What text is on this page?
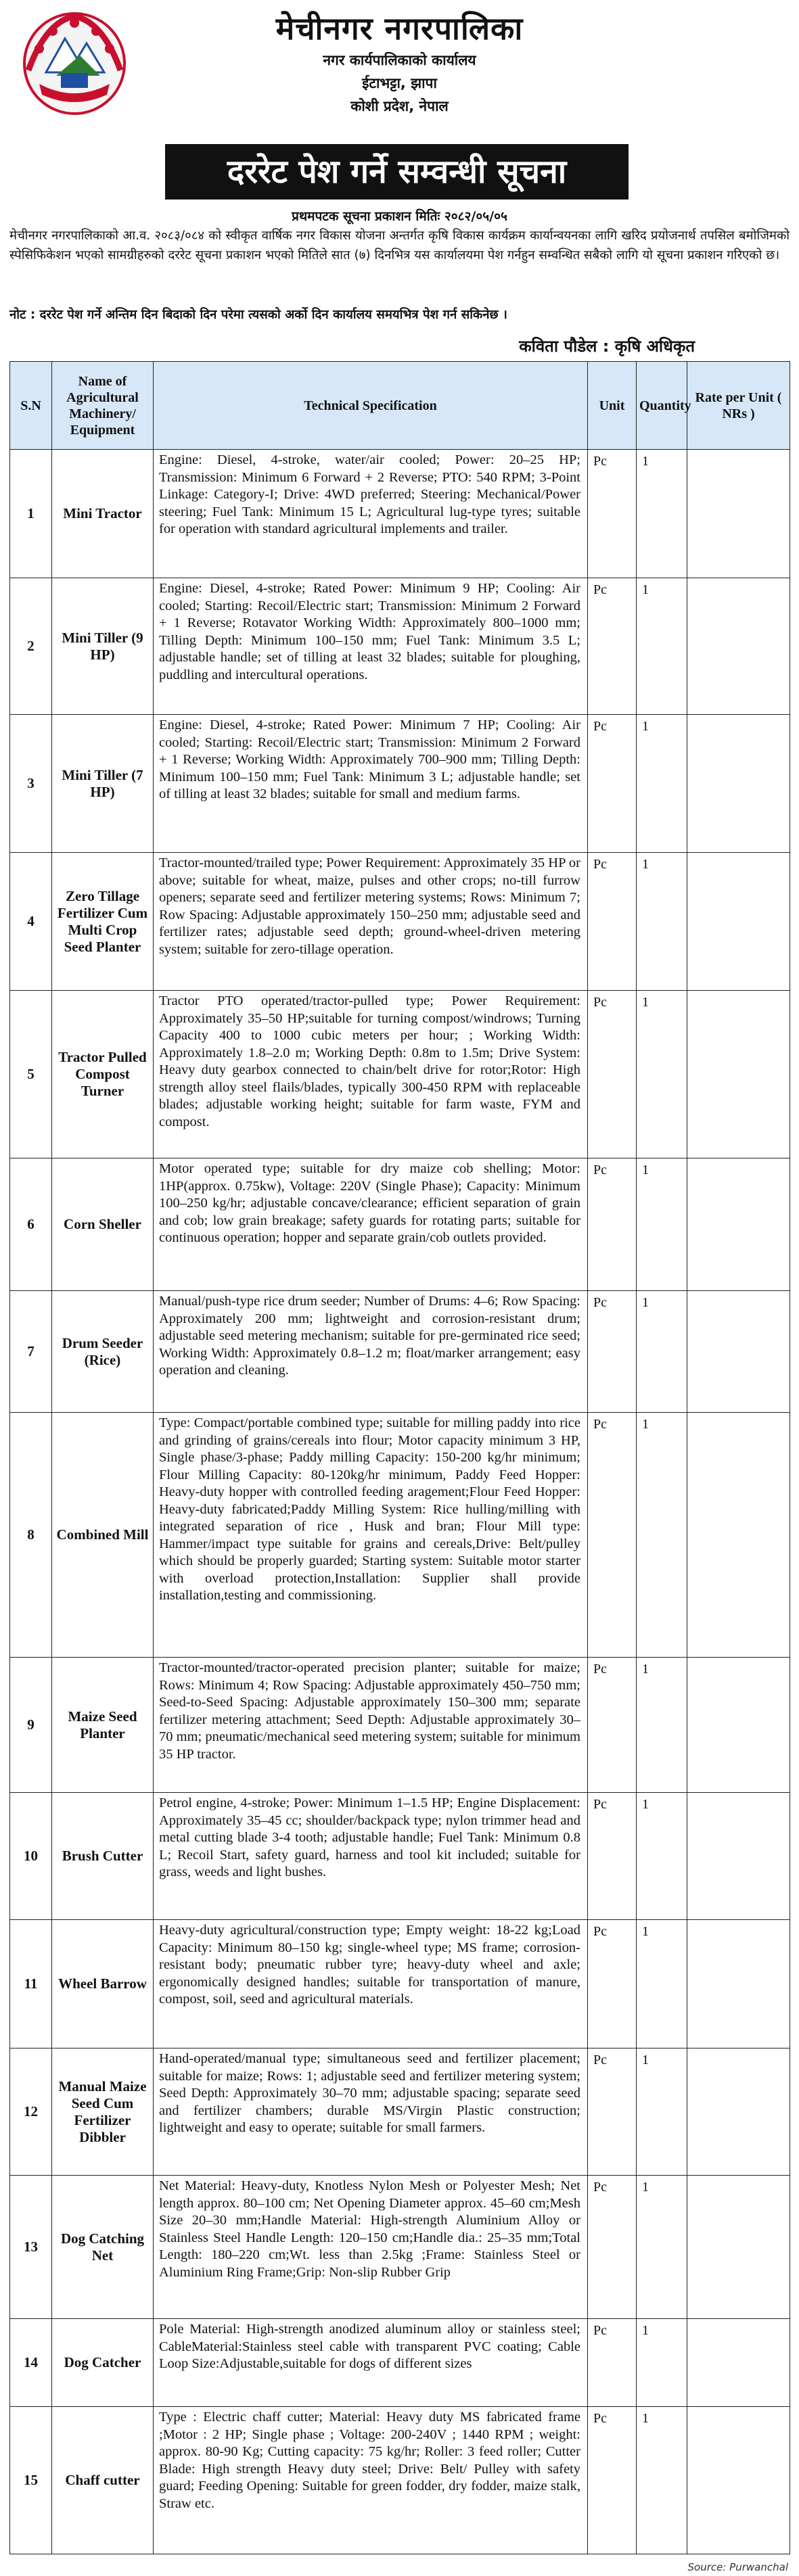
मेचीनगर नगरपालिका
नगर कार्यपालिकाको कार्यालय
ईटाभट्टा, झापा
कोशी प्रदेश, नेपाल
दररेट पेश गर्ने सम्वन्धी सूचना
प्रथमपटक सूचना प्रकाशन मितिः २०८२/०५/०५
मेचीनगर नगरपालिकाको आ.व. २०८३/०८४ को स्वीकृत वार्षिक नगर विकास योजना अन्तर्गत कृषि विकास कार्यक्रम कार्यान्वयनका लागि खरिद प्रयोजनार्थ तपसिल बमोजिमको स्पेसिफिकेशन भएको सामग्रीहरुको दररेट सूचना प्रकाशन भएको मितिले सात (७) दिनभित्र यस कार्यालयमा पेश गर्नहुन सम्वन्धित सबैको लागि यो सूचना प्रकाशन गरिएको छ।
नोट : दररेट पेश गर्ने अन्तिम दिन बिदाको दिन परेमा त्यसको अर्को दिन कार्यालय समयभित्र पेश गर्न सकिनेछ ।
कविता पौडेल : कृषि अधिकृत
S.N	Name of Agricultural Machinery/ Equipment	Technical Specification	Unit	Quantity	Rate per Unit ( NRs )
1	Mini Tractor	Engine: Diesel, 4-stroke, water/air cooled; Power: 20–25 HP; Transmission: Minimum 6 Forward + 2 Reverse; PTO: 540 RPM; 3-Point Linkage: Category-I; Drive: 4WD preferred; Steering: Mechanical/Power steering; Fuel Tank: Minimum 15 L; Agricultural lug-type tyres; suitable for operation with standard agricultural implements and trailer.	Pc	1	
2	Mini Tiller (9 HP)	Engine: Diesel, 4-stroke; Rated Power: Minimum 9 HP; Cooling: Air cooled; Starting: Recoil/Electric start; Transmission: Minimum 2 Forward + 1 Reverse; Rotavator Working Width: Approximately 800–1000 mm; Tilling Depth: Minimum 100–150 mm; Fuel Tank: Minimum 3.5 L; adjustable handle; set of tilling at least 32 blades; suitable for ploughing, puddling and intercultural operations.	Pc	1	
3	Mini Tiller (7 HP)	Engine: Diesel, 4-stroke; Rated Power: Minimum 7 HP; Cooling: Air cooled; Starting: Recoil/Electric start; Transmission: Minimum 2 Forward + 1 Reverse; Working Width: Approximately 700–900 mm; Tilling Depth: Minimum 100–150 mm; Fuel Tank: Minimum 3 L; adjustable handle; set of tilling at least 32 blades; suitable for small and medium farms.	Pc	1	
4	Zero Tillage Fertilizer Cum Multi Crop Seed Planter	Tractor-mounted/trailed type; Power Requirement: Approximately 35 HP or above; suitable for wheat, maize, pulses and other crops; no-till furrow openers; separate seed and fertilizer metering systems; Rows: Minimum 7; Row Spacing: Adjustable approximately 150–250 mm; adjustable seed and fertilizer rates; adjustable seed depth; ground-wheel-driven metering system; suitable for zero-tillage operation.	Pc	1	
5	Tractor Pulled Compost Turner	Tractor PTO operated/tractor-pulled type; Power Requirement: Approximately 35–50 HP;suitable for turning compost/windrows; Turning Capacity 400 to 1000 cubic meters per hour; ; Working Width: Approximately 1.8–2.0 m; Working Depth: 0.8m to 1.5m; Drive System: Heavy duty gearbox connected to chain/belt drive for rotor;Rotor: High strength alloy steel flails/blades, typically 300-450 RPM with replaceable blades; adjustable working height; suitable for farm waste, FYM and compost.	Pc	1	
6	Corn Sheller	Motor operated type; suitable for dry maize cob shelling; Motor: 1HP(approx. 0.75kw), Voltage: 220V (Single Phase); Capacity: Minimum 100–250 kg/hr; adjustable concave/clearance; efficient separation of grain and cob; low grain breakage; safety guards for rotating parts; suitable for continuous operation; hopper and separate grain/cob outlets provided.	Pc	1	
7	Drum Seeder (Rice)	Manual/push-type rice drum seeder; Number of Drums: 4–6; Row Spacing: Approximately 200 mm; lightweight and corrosion-resistant drum; adjustable seed metering mechanism; suitable for pre-germinated rice seed; Working Width: Approximately 0.8–1.2 m; float/marker arrangement; easy operation and cleaning.	Pc	1	
8	Combined Mill	Type: Compact/portable combined type; suitable for milling paddy into rice and grinding of grains/cereals into flour; Motor capacity minimum 3 HP, Single phase/3-phase; Paddy milling Capacity: 150-200 kg/hr minimum; Flour Milling Capacity: 80-120kg/hr minimum, Paddy Feed Hopper: Heavy-duty hopper with controlled feeding aragement;Flour Feed Hopper: Heavy-duty fabricated;Paddy Milling System: Rice hulling/milling with integrated separation of rice , Husk and bran; Flour Mill type: Hammer/impact type suitable for grains and cereals,Drive: Belt/pulley which should be properly guarded; Starting system: Suitable motor starter with overload protection,Installation: Supplier shall provide installation,testing and commissioning.	Pc	1	
9	Maize Seed Planter	Tractor-mounted/tractor-operated precision planter; suitable for maize; Rows: Minimum 4; Row Spacing: Adjustable approximately 450–750 mm; Seed-to-Seed Spacing: Adjustable approximately 150–300 mm; separate fertilizer metering attachment; Seed Depth: Adjustable approximately 30–70 mm; pneumatic/mechanical seed metering system; suitable for minimum 35 HP tractor.	Pc	1	
10	Brush Cutter	Petrol engine, 4-stroke; Power: Minimum 1–1.5 HP; Engine Displacement: Approximately 35–45 cc; shoulder/backpack type; nylon trimmer head and metal cutting blade 3-4 tooth; adjustable handle; Fuel Tank: Minimum 0.8 L; Recoil Start, safety guard, harness and tool kit included; suitable for grass, weeds and light bushes.	Pc	1	
11	Wheel Barrow	Heavy-duty agricultural/construction type; Empty weight: 18-22 kg;Load Capacity: Minimum 80–150 kg; single-wheel type; MS frame; corrosion-resistant body; pneumatic rubber tyre; heavy-duty wheel and axle; ergonomically designed handles; suitable for transportation of manure, compost, soil, seed and agricultural materials.	Pc	1	
12	Manual Maize Seed Cum Fertilizer Dibbler	Hand-operated/manual type; simultaneous seed and fertilizer placement; suitable for maize; Rows: 1; adjustable seed and fertilizer metering system; Seed Depth: Approximately 30–70 mm; adjustable spacing; separate seed and fertilizer chambers; durable MS/Virgin Plastic construction; lightweight and easy to operate; suitable for small farmers.	Pc	1	
13	Dog Catching Net	Net Material: Heavy-duty, Knotless Nylon Mesh or Polyester Mesh; Net length approx. 80–100 cm; Net Opening Diameter approx. 45–60 cm;Mesh Size 20–30 mm;Handle Material: High-strength Aluminium Alloy or Stainless Steel Handle Length: 120–150 cm;Handle dia.: 25–35 mm;Total Length: 180–220 cm;Wt. less than 2.5kg ;Frame: Stainless Steel or Aluminium Ring Frame;Grip: Non-slip Rubber Grip	Pc	1	
14	Dog Catcher	Pole Material: High-strength anodized aluminum alloy or stainless steel; CableMaterial:Stainless steel cable with transparent PVC coating; Cable Loop Size:Adjustable,suitable for dogs of different sizes	Pc	1	
15	Chaff cutter	Type : Electric chaff cutter; Material: Heavy duty MS fabricated frame ;Motor : 2 HP; Single phase ; Voltage: 200-240V ; 1440 RPM ; weight: approx. 80-90 Kg; Cutting capacity: 75 kg/hr; Roller: 3 feed roller; Cutter Blade: High strength Heavy duty steel; Drive: Belt/ Pulley with safety guard; Feeding Opening: Suitable for green fodder, dry fodder, maize stalk, Straw etc.	Pc	1	
Source: Purwanchal
